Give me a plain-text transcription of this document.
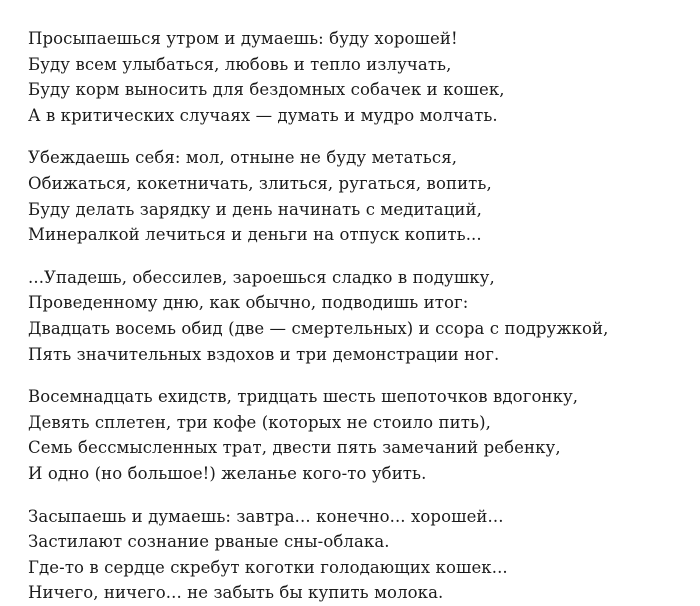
Просыпаешься утром и думаешь: буду хорошей!
Буду всем улыбаться, любовь и тепло излучать,
Буду корм выносить для бездомных собачек и кошек,
А в критических случаях — думать и мудро молчать.
Убеждаешь себя: мол, отныне не буду метаться,
Обижаться, кокетничать, злиться, ругаться, вопить,
Буду делать зарядку и день начинать с медитаций,
Минералкой лечиться и деньги на отпуск копить...
...Упадешь, обессилев, зароешься сладко в подушку,
Проведенному дню, как обычно, подводишь итог:
Двадцать восемь обид (две — смертельных) и ссора с подружкой,
Пять значительных вздохов и три демонстрации ног.
Восемнадцать ехидств, тридцать шесть шепоточков вдогонку,
Девять сплетен, три кофе (которых не стоило пить),
Семь бессмысленных трат, двести пять замечаний ребенку,
И одно (но большое!) желанье кого-то убить.
Засыпаешь и думаешь: завтра... конечно... хорошей...
Застилают сознание рваные сны-облака.
Где-то в сердце скребут коготки голодающих кошек...
Ничего, ничего... не забыть бы купить молока.
